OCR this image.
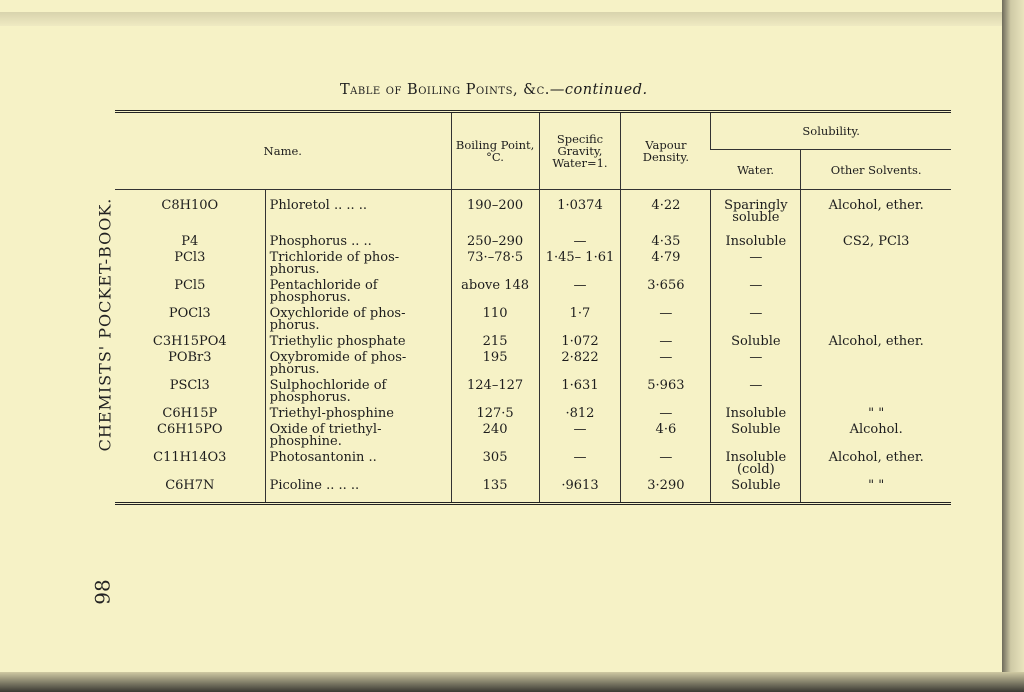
CHEMISTS' POCKET-BOOK.
98
Table of Boiling Points, &c.—continued.
Name.		Boiling Point, °C.	Specific Gravity, Water=1.	Vapour Density.	Solubility.	
					Water.	Other Solvents.
C8H10O	Phloretol .. .. ..	190–200	1·0374	4·22	Sparingly soluble	Alcohol, ether.
P4	Phosphorus .. ..	250–290	—	4·35	Insoluble	CS2, PCl3
PCl3	Trichloride of phos-phorus.	73·–78·5	1·45– 1·61	4·79	—	
PCl5	Pentachloride of phosphorus.	above 148	—	3·656	—	
POCl3	Oxychloride of phos-phorus.	110	1·7	—	—	
C3H15PO4	Triethylic phosphate	215	1·072	—	Soluble	Alcohol, ether.
POBr3	Oxybromide of phos-phorus.	195	2·822	—	—	
PSCl3	Sulphochloride of phosphorus.	124–127	1·631	5·963	—	
C6H15P	Triethyl-phosphine	127·5	·812	—	Insoluble	" "
C6H15PO	Oxide of triethyl-phosphine.	240	—	4·6	Soluble	Alcohol.
C11H14O3	Photosantonin ..	305	—	—	Insoluble (cold)	Alcohol, ether.
C6H7N	Picoline .. .. ..	135	·9613	3·290	Soluble	" "
